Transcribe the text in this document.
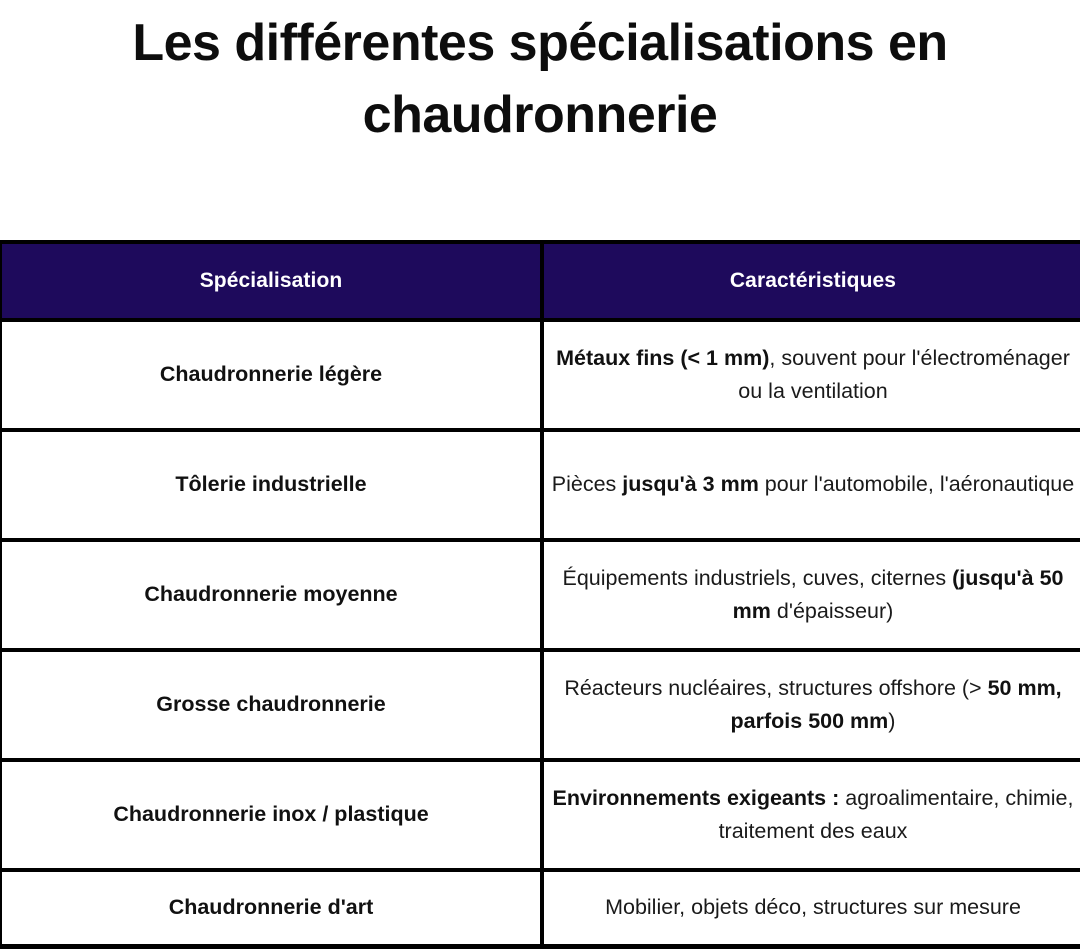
Les différentes spécialisations en chaudronnerie
Spécialisation	Caractéristiques
Chaudronnerie légère	Métaux fins (< 1 mm), souvent pour l'électroménager ou la ventilation
Tôlerie industrielle	Pièces jusqu'à 3 mm pour l'automobile, l'aéronautique
Chaudronnerie moyenne	Équipements industriels, cuves, citernes (jusqu'à 50 mm d'épaisseur)
Grosse chaudronnerie	Réacteurs nucléaires, structures offshore (> 50 mm, parfois 500 mm)
Chaudronnerie inox / plastique	Environnements exigeants : agroalimentaire, chimie, traitement des eaux
Chaudronnerie d'art	Mobilier, objets déco, structures sur mesure
